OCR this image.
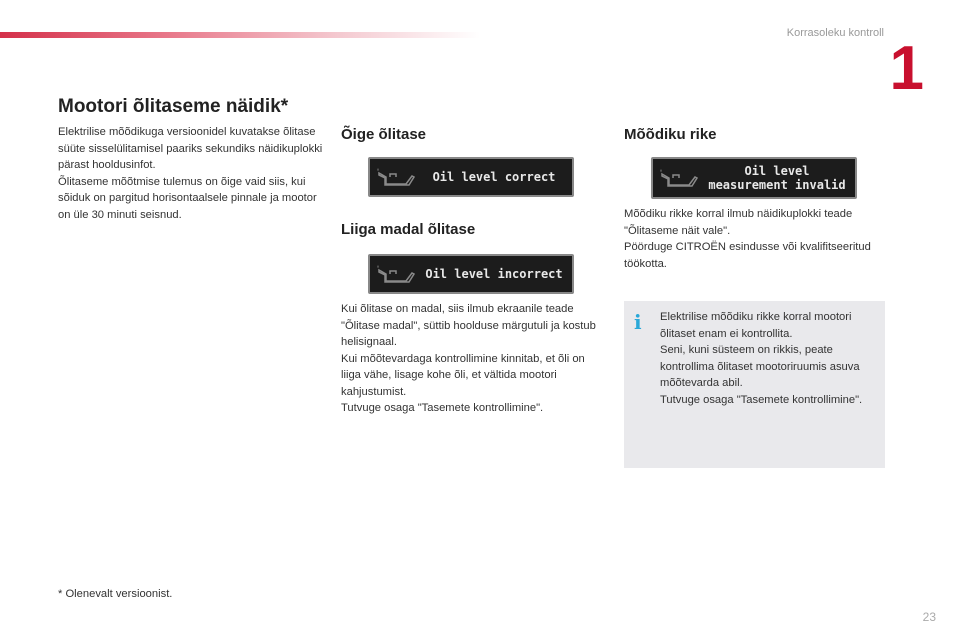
Korrasoleku kontroll
1
Mootori õlitaseme näidik*

Elektrilise mõõdikuga versioonidel kuvatakse õlitase süüte sisselülitamisel paariks sekundiks näidikuplokki pärast hooldusinfot.

Õlitaseme mõõtmise tulemus on õige vaid siis, kui sõiduk on pargitud horisontaalsele pinnale ja mootor on üle 30 minuti seisnud.

Õige õlitase
Oil level correct
Liiga madal õlitase
Oil level incorrect

Kui õlitase on madal, siis ilmub ekraanile teade "Õlitase madal", süttib hoolduse märgutuli ja kostub helisignaal.

Kui mõõtevardaga kontrollimine kinnitab, et õli on liiga vähe, lisage kohe õli, et vältida mootori kahjustumist.

Tutvuge osaga "Tasemete kontrollimine".

Mõõdiku rike
Oil level
measurement invalid

Mõõdiku rikke korral ilmub näidikuplokki teade "Õlitaseme näit vale".

Pöörduge CITROËN esindusse või kvalifitseeritud töökotta.

i Elektrilise mõõdiku rikke korral mootori õlitaset enam ei kontrollita.

Seni, kuni süsteem on rikkis, peate kontrollima õlitaset mootoriruumis asuva mõõtevarda abil.

Tutvuge osaga "Tasemete kontrollimine".

* Olenevalt versioonist.
23
